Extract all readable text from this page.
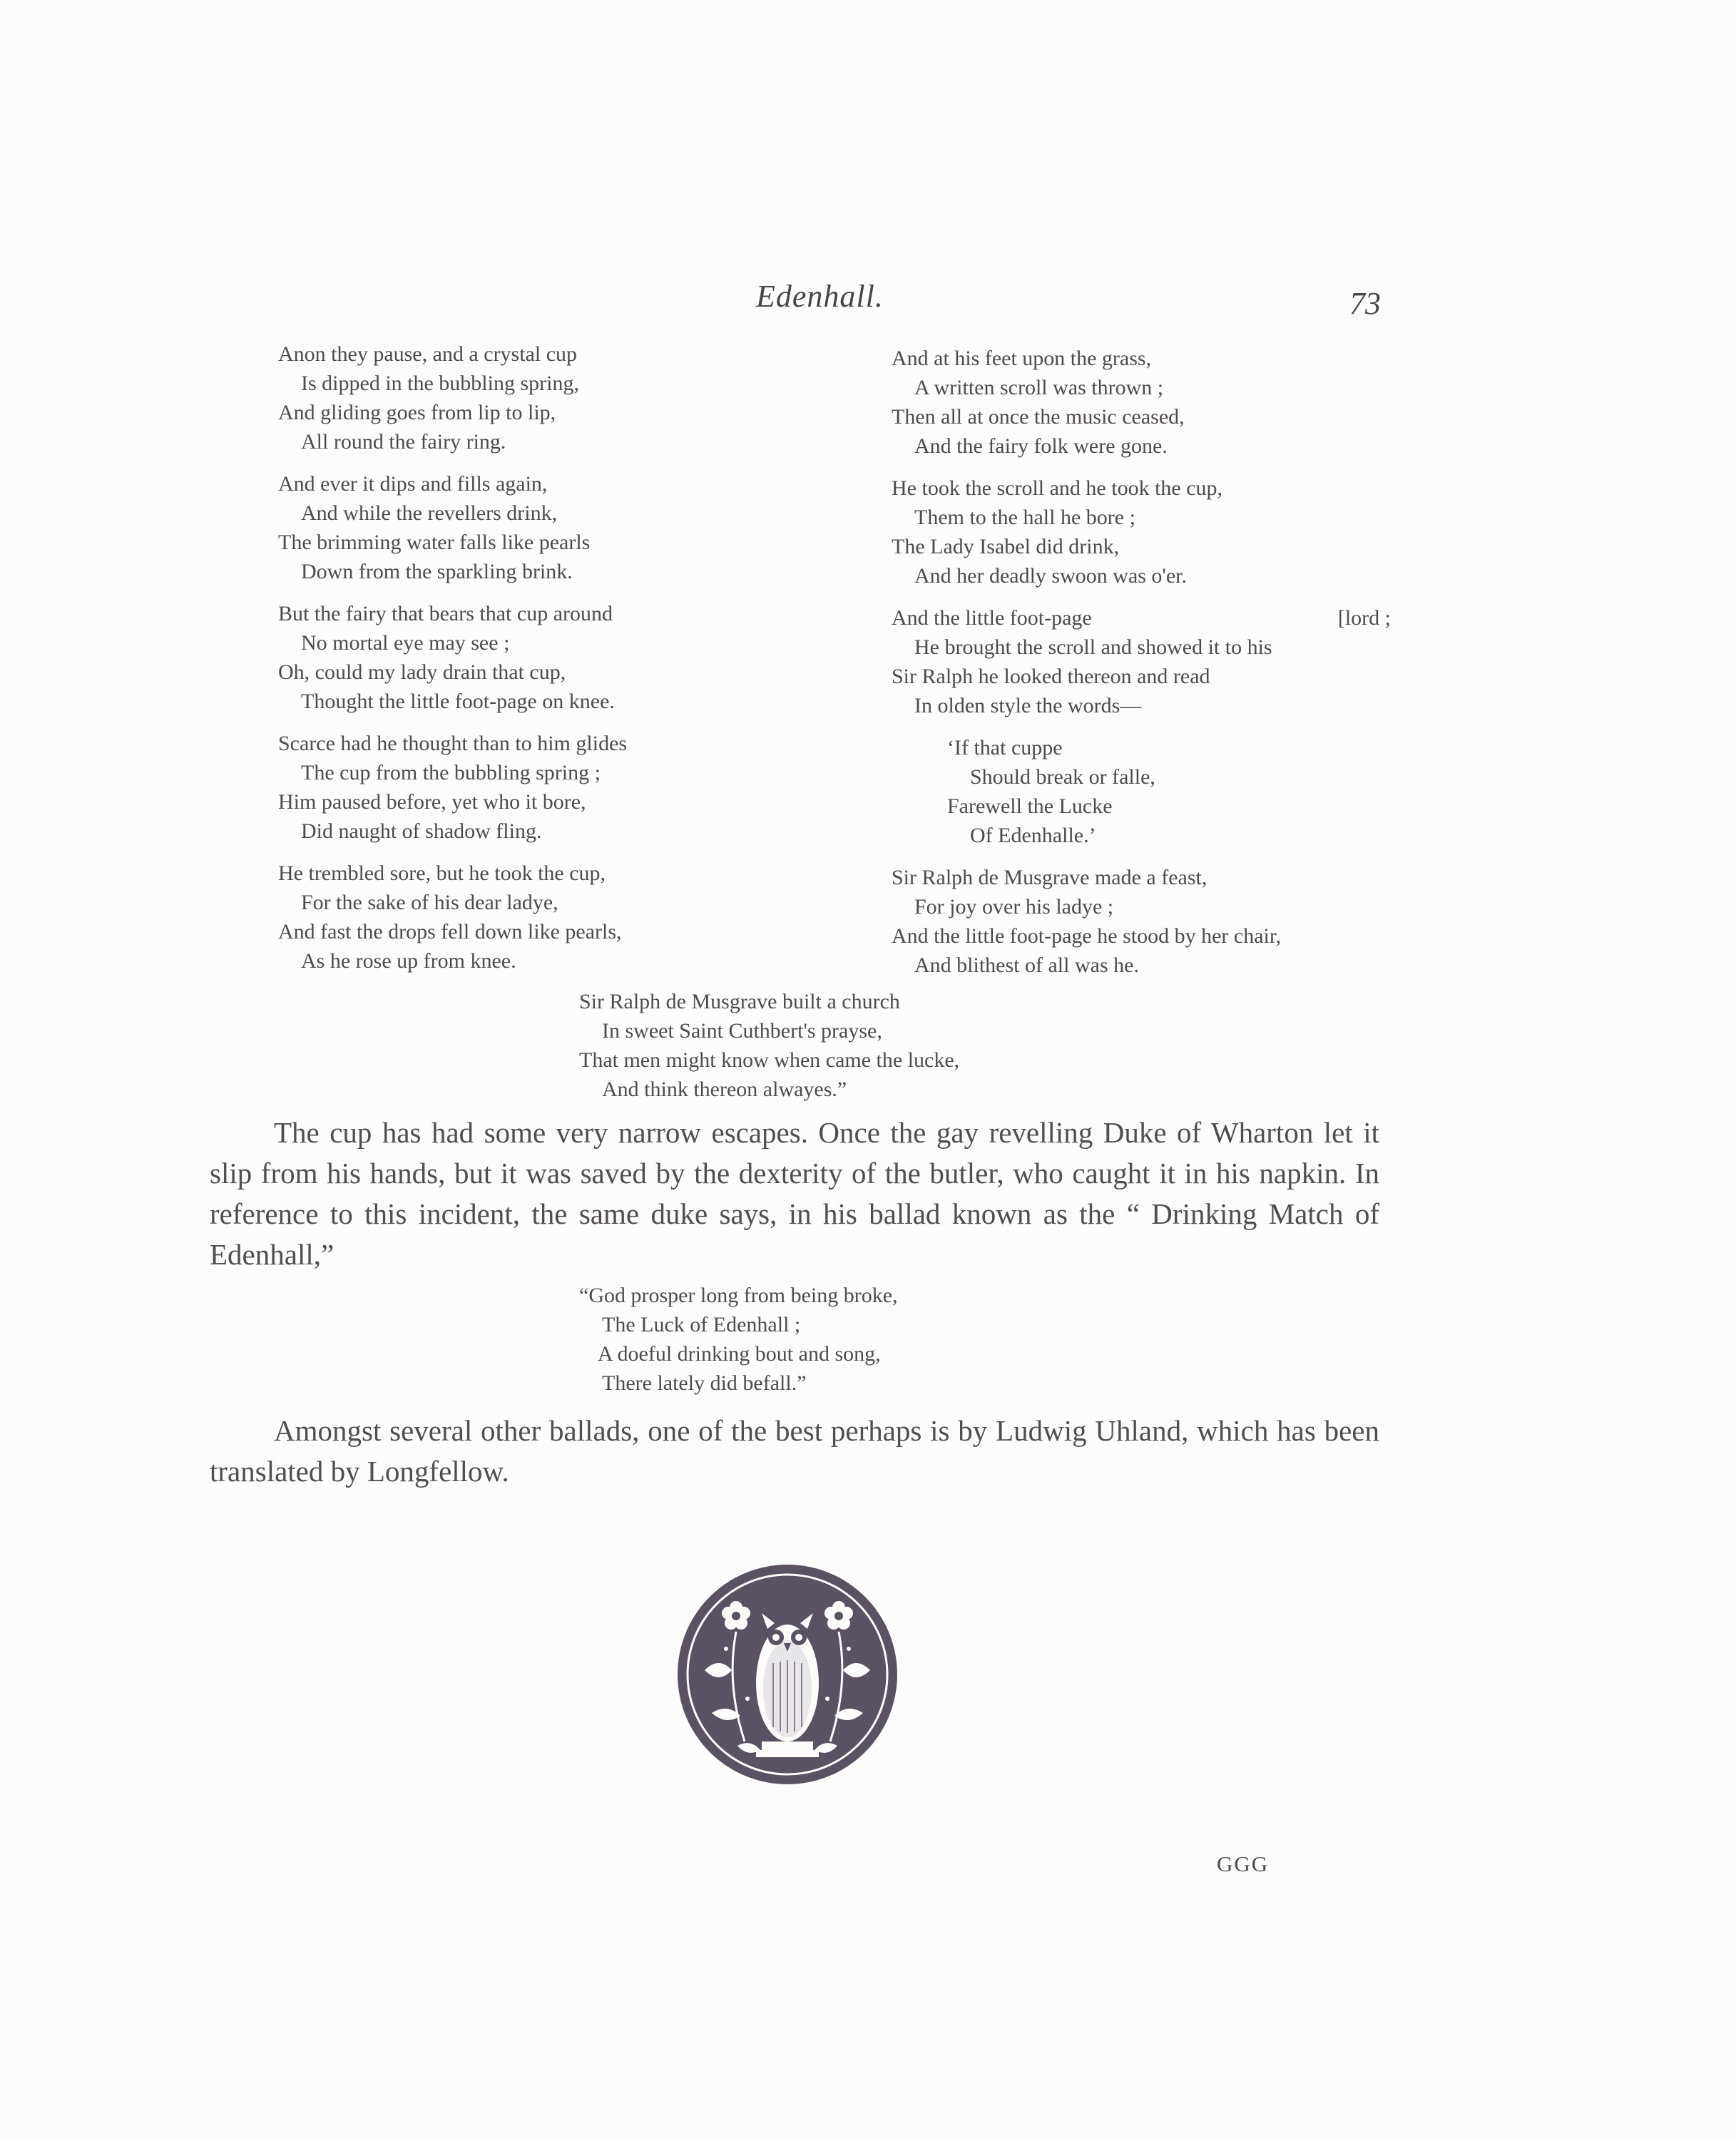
Edenhall.	73
Anon they pause, and a crystal cup
Is dipped in the bubbling spring,
And gliding goes from lip to lip,
All round the fairy ring.
And ever it dips and fills again,
And while the revellers drink,
The brimming water falls like pearls
Down from the sparkling brink.
But the fairy that bears that cup around
No mortal eye may see ;
Oh, could my lady drain that cup,
Thought the little foot-page on knee.
Scarce had he thought than to him glides
The cup from the bubbling spring ;
Him paused before, yet who it bore,
Did naught of shadow fling.
He trembled sore, but he took the cup,
For the sake of his dear ladye,
And fast the drops fell down like pearls,
As he rose up from knee.
And at his feet upon the grass,
A written scroll was thrown ;
Then all at once the music ceased,
And the fairy folk were gone.
He took the scroll and he took the cup,
Them to the hall he bore ;
The Lady Isabel did drink,
And her deadly swoon was o'er.
And the little foot-page	[lord ;
He brought the scroll and showed it to his
Sir Ralph he looked thereon and read
In olden style the words—
‘If that cuppe
Should break or falle,
Farewell the Lucke
Of Edenhalle.’
Sir Ralph de Musgrave made a feast,
For joy over his ladye ;
And the little foot-page he stood by her chair,
And blithest of all was he.
Sir Ralph de Musgrave built a church
In sweet Saint Cuthbert's prayse,
That men might know when came the lucke,
And think thereon alwayes.”
The cup has had some very narrow escapes. Once the gay revelling Duke of Wharton let it slip from his hands, but it was saved by the dexterity of the butler, who caught it in his napkin. In reference to this incident, the same duke says, in his ballad known as the “ Drinking Match of Edenhall,”
“God prosper long from being broke,
The Luck of Edenhall ;
A doeful drinking bout and song,
There lately did befall.”
Amongst several other ballads, one of the best perhaps is by Ludwig Uhland, which has been translated by Longfellow.
GGG
